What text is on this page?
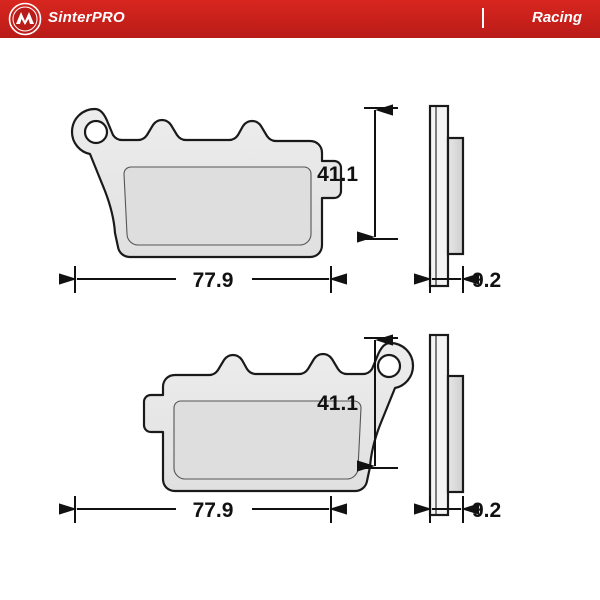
SinterPRO	Racing
41.1
77.9	9.2
41.1
77.9	9.2
